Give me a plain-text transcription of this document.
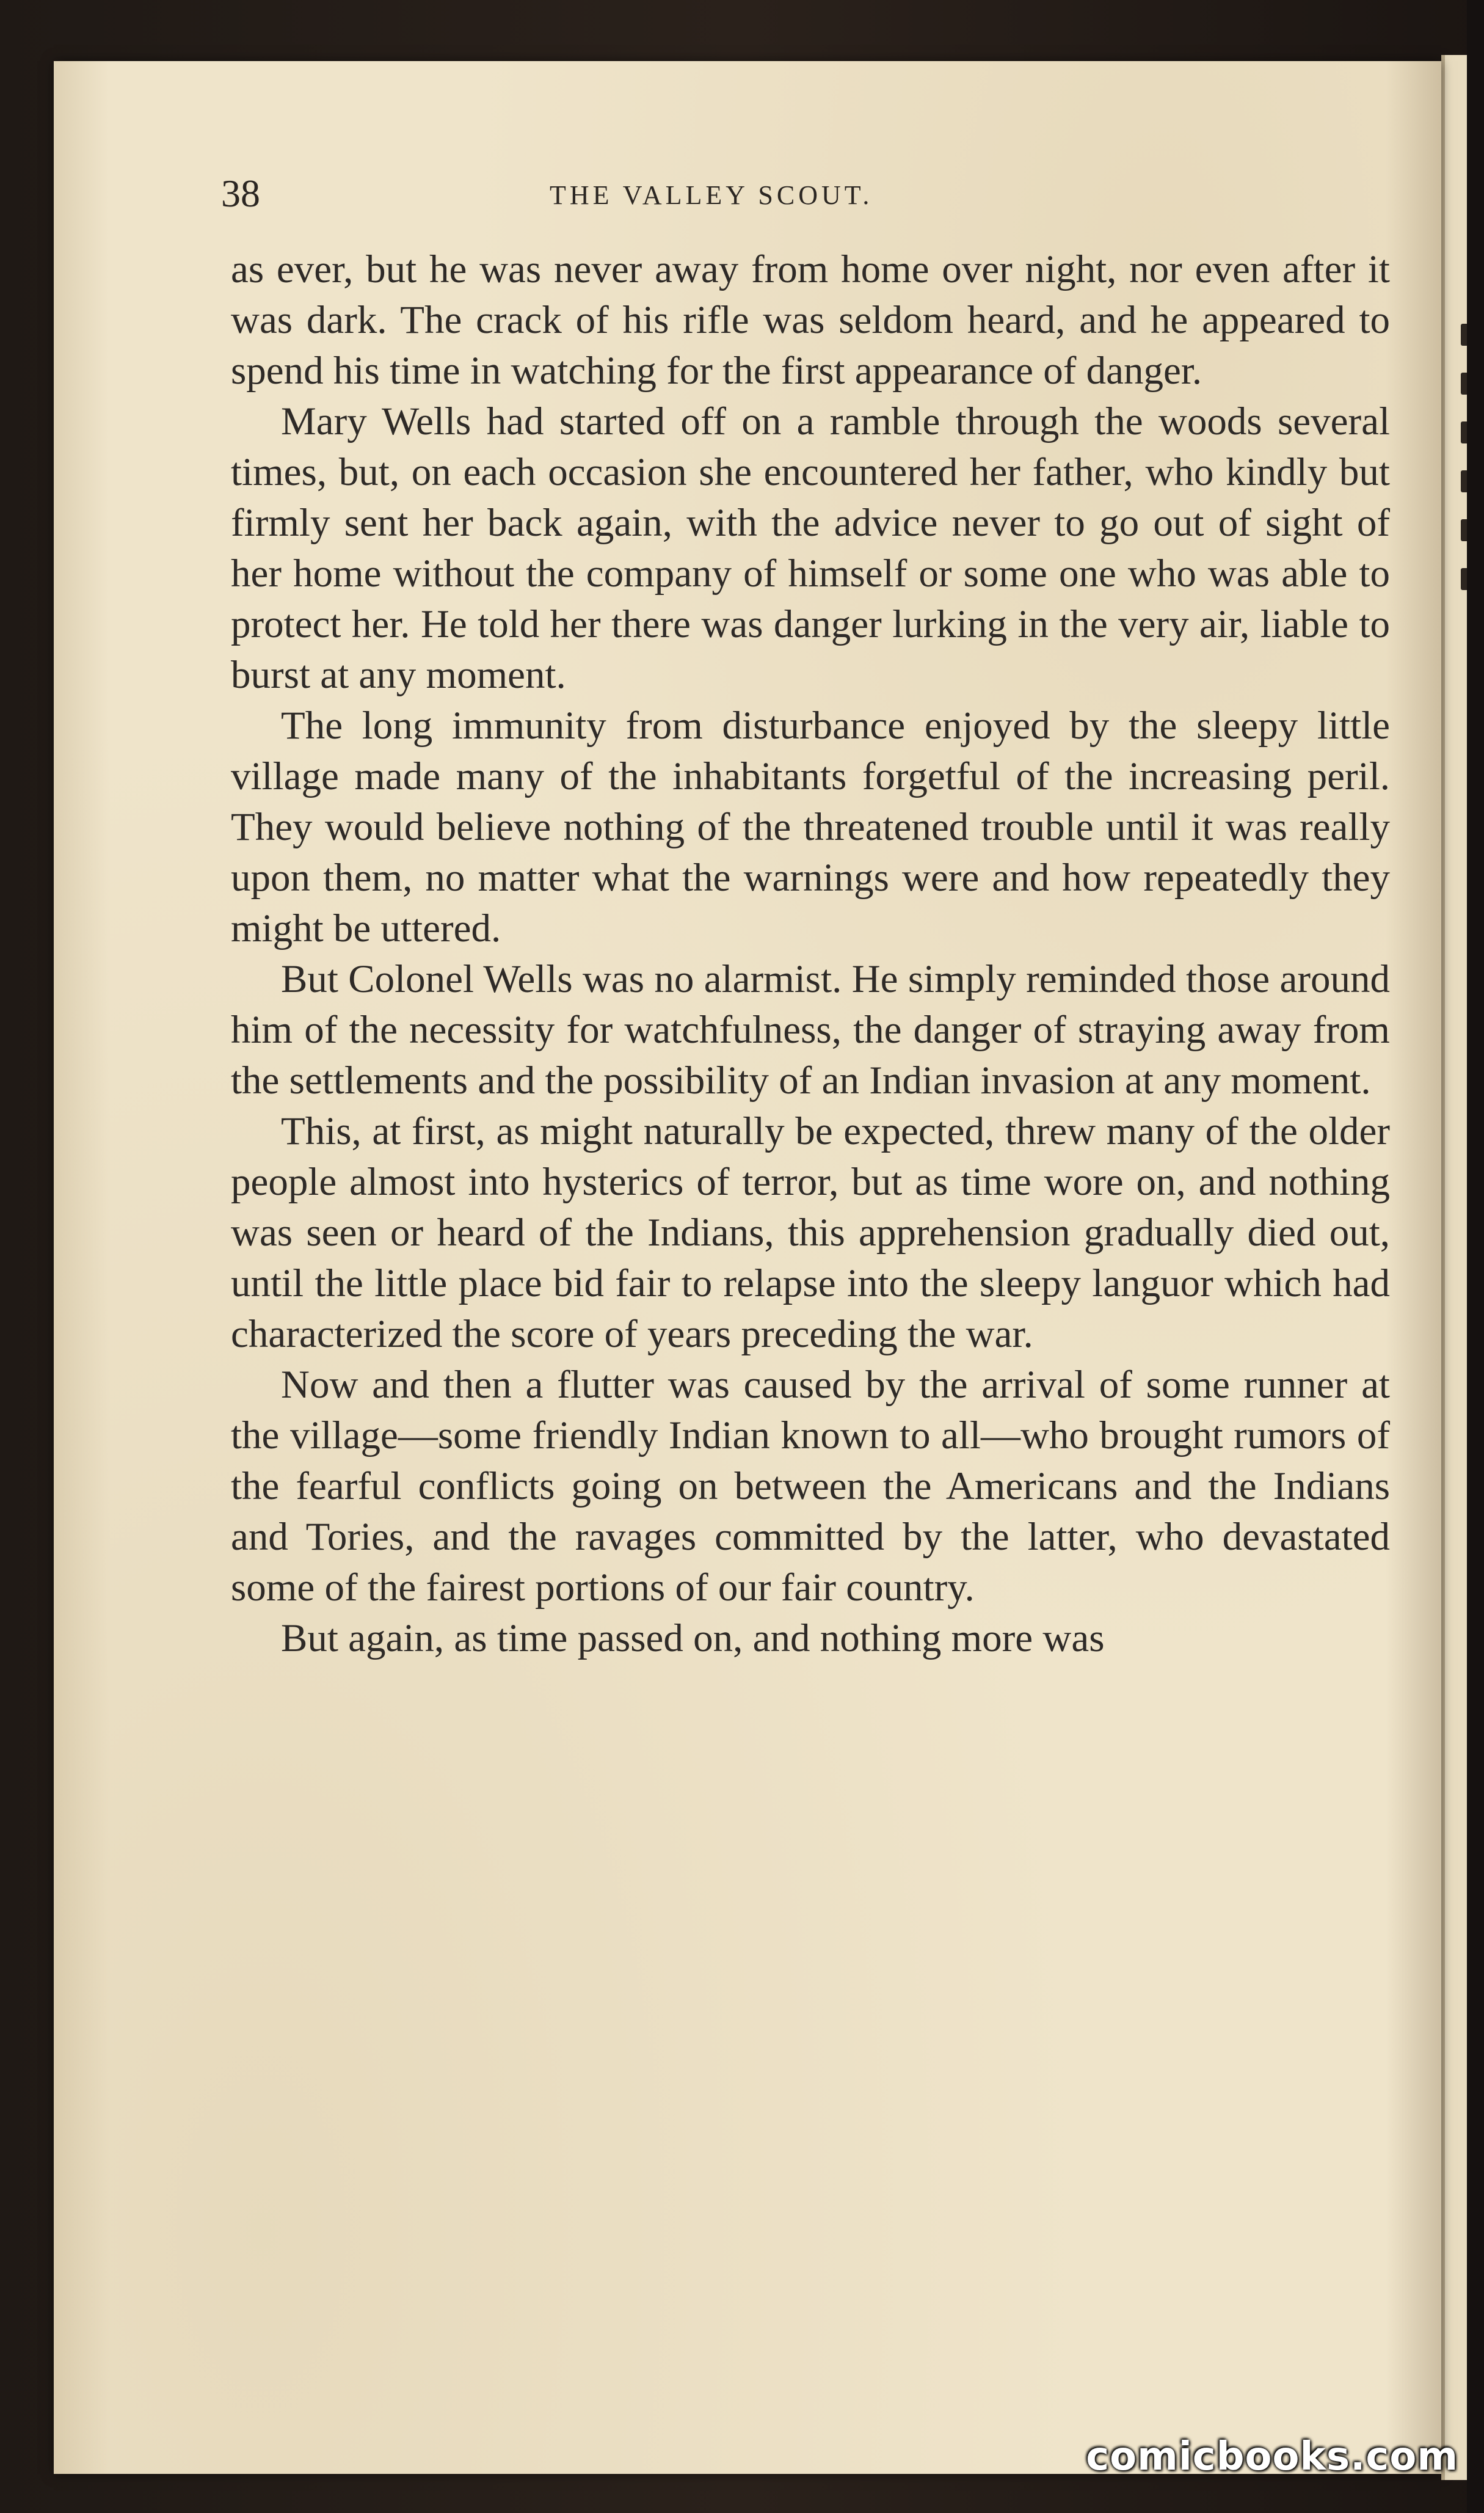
38	THE VALLEY SCOUT.

as ever, but he was never away from home over night, nor even after it was dark. The crack of his rifle was seldom heard, and he appeared to spend his time in watching for the first appearance of danger.

Mary Wells had started off on a ramble through the woods several times, but, on each occasion she encountered her father, who kindly but firmly sent her back again, with the advice never to go out of sight of her home without the company of himself or some one who was able to protect her. He told her there was danger lurking in the very air, liable to burst at any moment.

The long immunity from disturbance enjoyed by the sleepy little village made many of the inhabitants forgetful of the increasing peril. They would believe nothing of the threatened trouble until it was really upon them, no matter what the warnings were and how repeatedly they might be uttered.

But Colonel Wells was no alarmist. He simply reminded those around him of the necessity for watchfulness, the danger of straying away from the settlements and the possibility of an Indian invasion at any moment.

This, at first, as might naturally be expected, threw many of the older people almost into hysterics of terror, but as time wore on, and nothing was seen or heard of the Indians, this apprehension gradually died out, until the little place bid fair to relapse into the sleepy languor which had characterized the score of years preceding the war.

Now and then a flutter was caused by the arrival of some runner at the village—some friendly Indian known to all—who brought rumors of the fearful conflicts going on between the Americans and the Indians and Tories, and the ravages committed by the latter, who devastated some of the fairest portions of our fair country.

But again, as time passed on, and nothing more was

comicbooks.com
